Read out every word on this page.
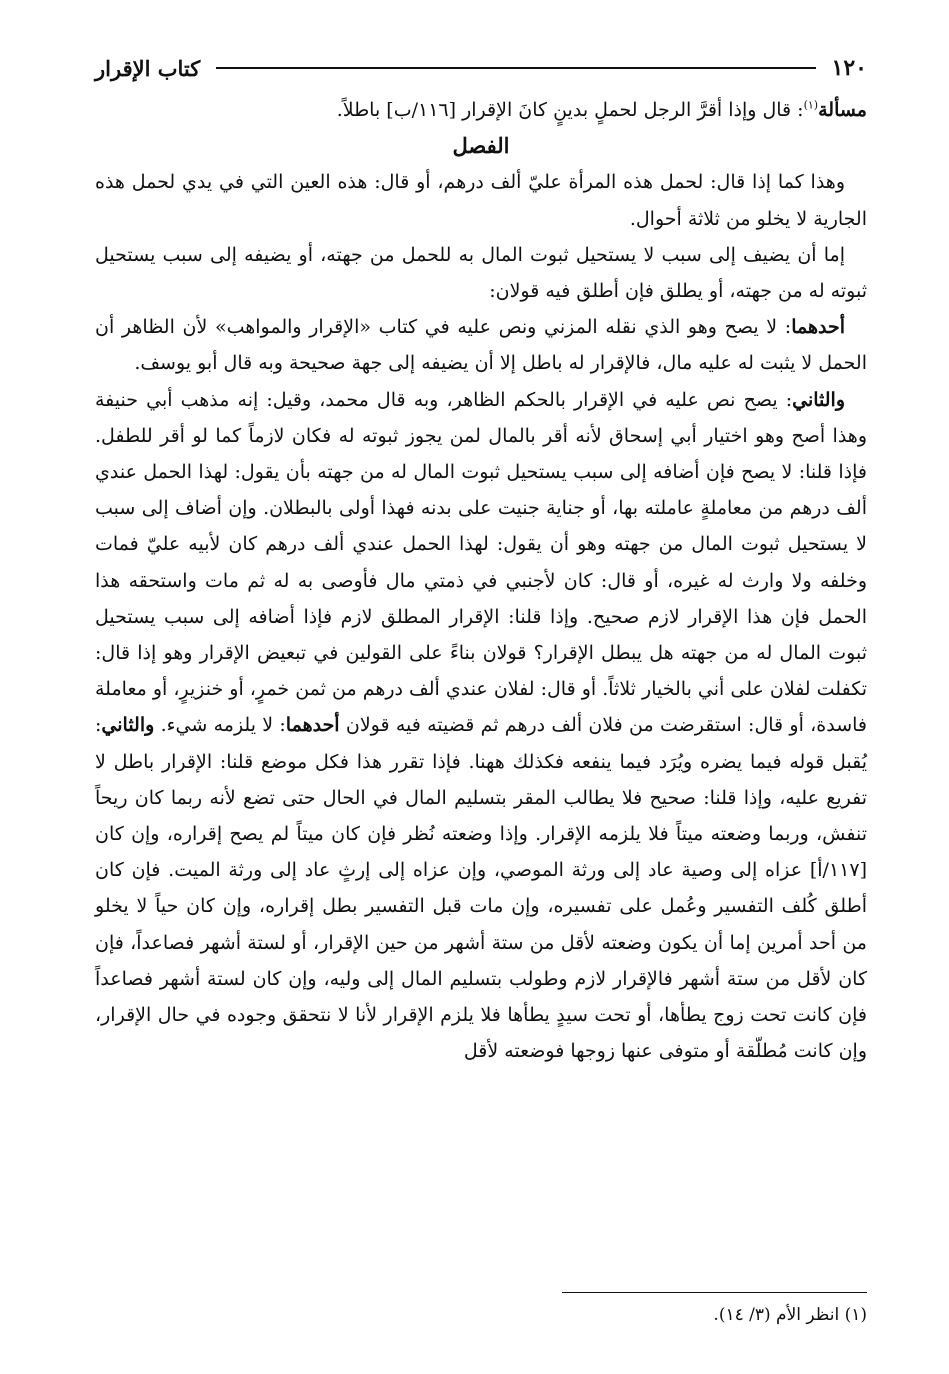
١٢٠
كتاب الإقرار

مسألة$^{(١)}$: قال وإذا أقرَّ الرجل لحملٍ بدينٍ كانَ الإقرار [١١٦/ب] باطلاً.

الفصل

وهذا كما إذا قال: لحمل هذه المرأة عليّ ألف درهم، أو قال: هذه العين التي في يدي لحمل هذه الجارية لا يخلو من ثلاثة أحوال.

إما أن يضيف إلى سبب لا يستحيل ثبوت المال به للحمل من جهته، أو يضيفه إلى سبب يستحيل ثبوته له من جهته، أو يطلق فإن أطلق فيه قولان:

أحدهما: لا يصح وهو الذي نقله المزني ونص عليه في كتاب «الإقرار والمواهب» لأن الظاهر أن الحمل لا يثبت له عليه مال، فالإقرار له باطل إلا أن يضيفه إلى جهة صحيحة وبه قال أبو يوسف.

والثاني: يصح نص عليه في الإقرار بالحكم الظاهر، وبه قال محمد، وقيل: إنه مذهب أبي حنيفة وهذا أصح وهو اختيار أبي إسحاق لأنه أقر بالمال لمن يجوز ثبوته له فكان لازماً كما لو أقر للطفل. فإذا قلنا: لا يصح فإن أضافه إلى سبب يستحيل ثبوت المال له من جهته بأن يقول: لهذا الحمل عندي ألف درهم من معاملةٍ عاملته بها، أو جناية جنيت على بدنه فهذا أولى بالبطلان. وإن أضاف إلى سبب لا يستحيل ثبوت المال من جهته وهو أن يقول: لهذا الحمل عندي ألف درهم كان لأبيه عليّ فمات وخلفه ولا وارث له غيره، أو قال: كان لأجنبي في ذمتي مال فأوصى به له ثم مات واستحقه هذا الحمل فإن هذا الإقرار لازم صحيح. وإذا قلنا: الإقرار المطلق لازم فإذا أضافه إلى سبب يستحيل ثبوت المال له من جهته هل يبطل الإقرار؟ قولان بناءً على القولين في تبعيض الإقرار وهو إذا قال: تكفلت لفلان على أني بالخيار ثلاثاً. أو قال: لفلان عندي ألف درهم من ثمن خمرٍ، أو خنزيرٍ، أو معاملة فاسدة، أو قال: استقرضت من فلان ألف درهم ثم قضيته فيه قولان أحدهما: لا يلزمه شيء. والثاني: يُقبل قوله فيما يضره ويُرَد فيما ينفعه فكذلك ههنا. فإذا تقرر هذا فكل موضع قلنا: الإقرار باطل لا تفريع عليه، وإذا قلنا: صحيح فلا يطالب المقر بتسليم المال في الحال حتى تضع لأنه ربما كان ريحاً تنفش، وربما وضعته ميتاً فلا يلزمه الإقرار. وإذا وضعته نُظر فإن كان ميتاً لم يصح إقراره، وإن كان [١١٧/أ] عزاه إلى وصية عاد إلى ورثة الموصي، وإن عزاه إلى إرثٍ عاد إلى ورثة الميت. فإن كان أطلق كُلف التفسير وعُمل على تفسيره، وإن مات قبل التفسير بطل إقراره، وإن كان حياً لا يخلو من أحد أمرين إما أن يكون وضعته لأقل من ستة أشهر من حين الإقرار، أو لستة أشهر فصاعداً، فإن كان لأقل من ستة أشهر فالإقرار لازم وطولب بتسليم المال إلى وليه، وإن كان لستة أشهر فصاعداً فإن كانت تحت زوج يطأها، أو تحت سيدٍ يطأها فلا يلزم الإقرار لأنا لا نتحقق وجوده في حال الإقرار، وإن كانت مُطلّقة أو متوفى عنها زوجها فوضعته لأقل

(١) انظر الأم (٣/ ١٤).
